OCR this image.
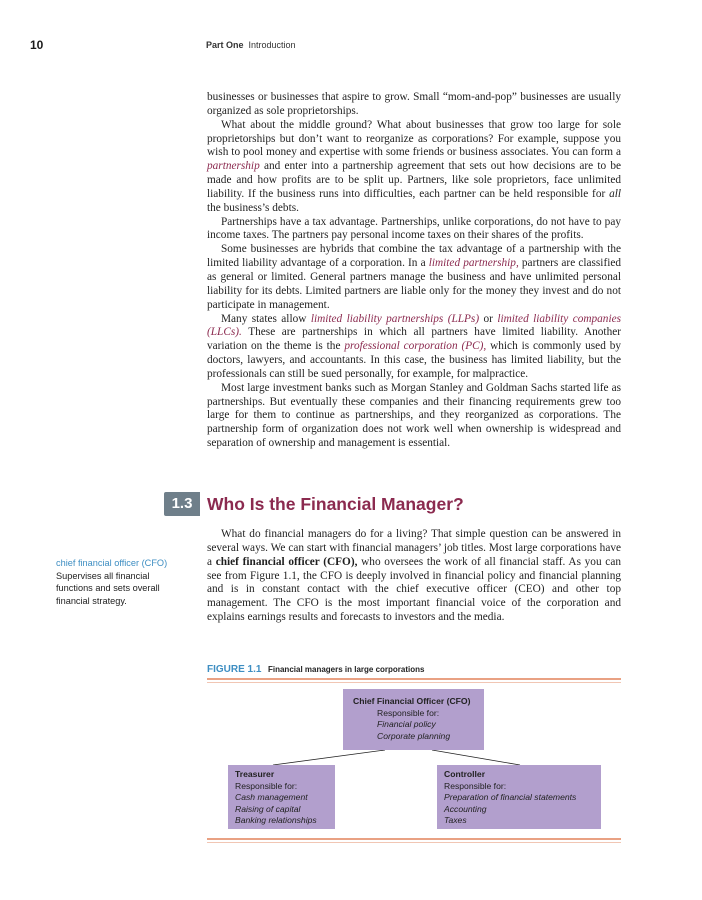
10	Part One Introduction

businesses or businesses that aspire to grow. Small “mom-and-pop” businesses are usually organized as sole proprietorships.

What about the middle ground? What about businesses that grow too large for sole proprietorships but don’t want to reorganize as corporations? For example, suppose you wish to pool money and expertise with some friends or business associates. You can form a partnership and enter into a partnership agreement that sets out how decisions are to be made and how profits are to be split up. Partners, like sole proprietors, face unlimited liability. If the business runs into difficulties, each partner can be held responsible for all the business’s debts.

Partnerships have a tax advantage. Partnerships, unlike corporations, do not have to pay income taxes. The partners pay personal income taxes on their shares of the profits.

Some businesses are hybrids that combine the tax advantage of a partnership with the limited liability advantage of a corporation. In a limited partnership, partners are classified as general or limited. General partners manage the business and have unlimited personal liability for its debts. Limited partners are liable only for the money they invest and do not participate in management.

Many states allow limited liability partnerships (LLPs) or limited liability companies (LLCs). These are partnerships in which all partners have limited liability. Another variation on the theme is the professional corporation (PC), which is commonly used by doctors, lawyers, and accountants. In this case, the business has limited liability, but the professionals can still be sued personally, for example, for malpractice.

Most large investment banks such as Morgan Stanley and Goldman Sachs started life as partnerships. But eventually these companies and their financing requirements grew too large for them to continue as partnerships, and they reorganized as corporations. The partnership form of organization does not work well when ownership is widespread and separation of ownership and management is essential.

1.3 Who Is the Financial Manager?
chief financial officer (CFO)
Supervises all financial functions and sets overall financial strategy.

What do financial managers do for a living? That simple question can be answered in several ways. We can start with financial managers’ job titles. Most large corporations have a chief financial officer (CFO), who oversees the work of all financial staff. As you can see from Figure 1.1, the CFO is deeply involved in financial policy and financial planning and is in constant contact with the chief executive officer (CEO) and other top management. The CFO is the most important financial voice of the corporation and explains earnings results and forecasts to investors and the media.

FIGURE 1.1 Financial managers in large corporations
Chief Financial Officer (CFO)
Responsible for:
Financial policy
Corporate planning
Treasurer
Responsible for:
Cash management
Raising of capital
Banking relationships
Controller
Responsible for:
Preparation of financial statements
Accounting
Taxes
